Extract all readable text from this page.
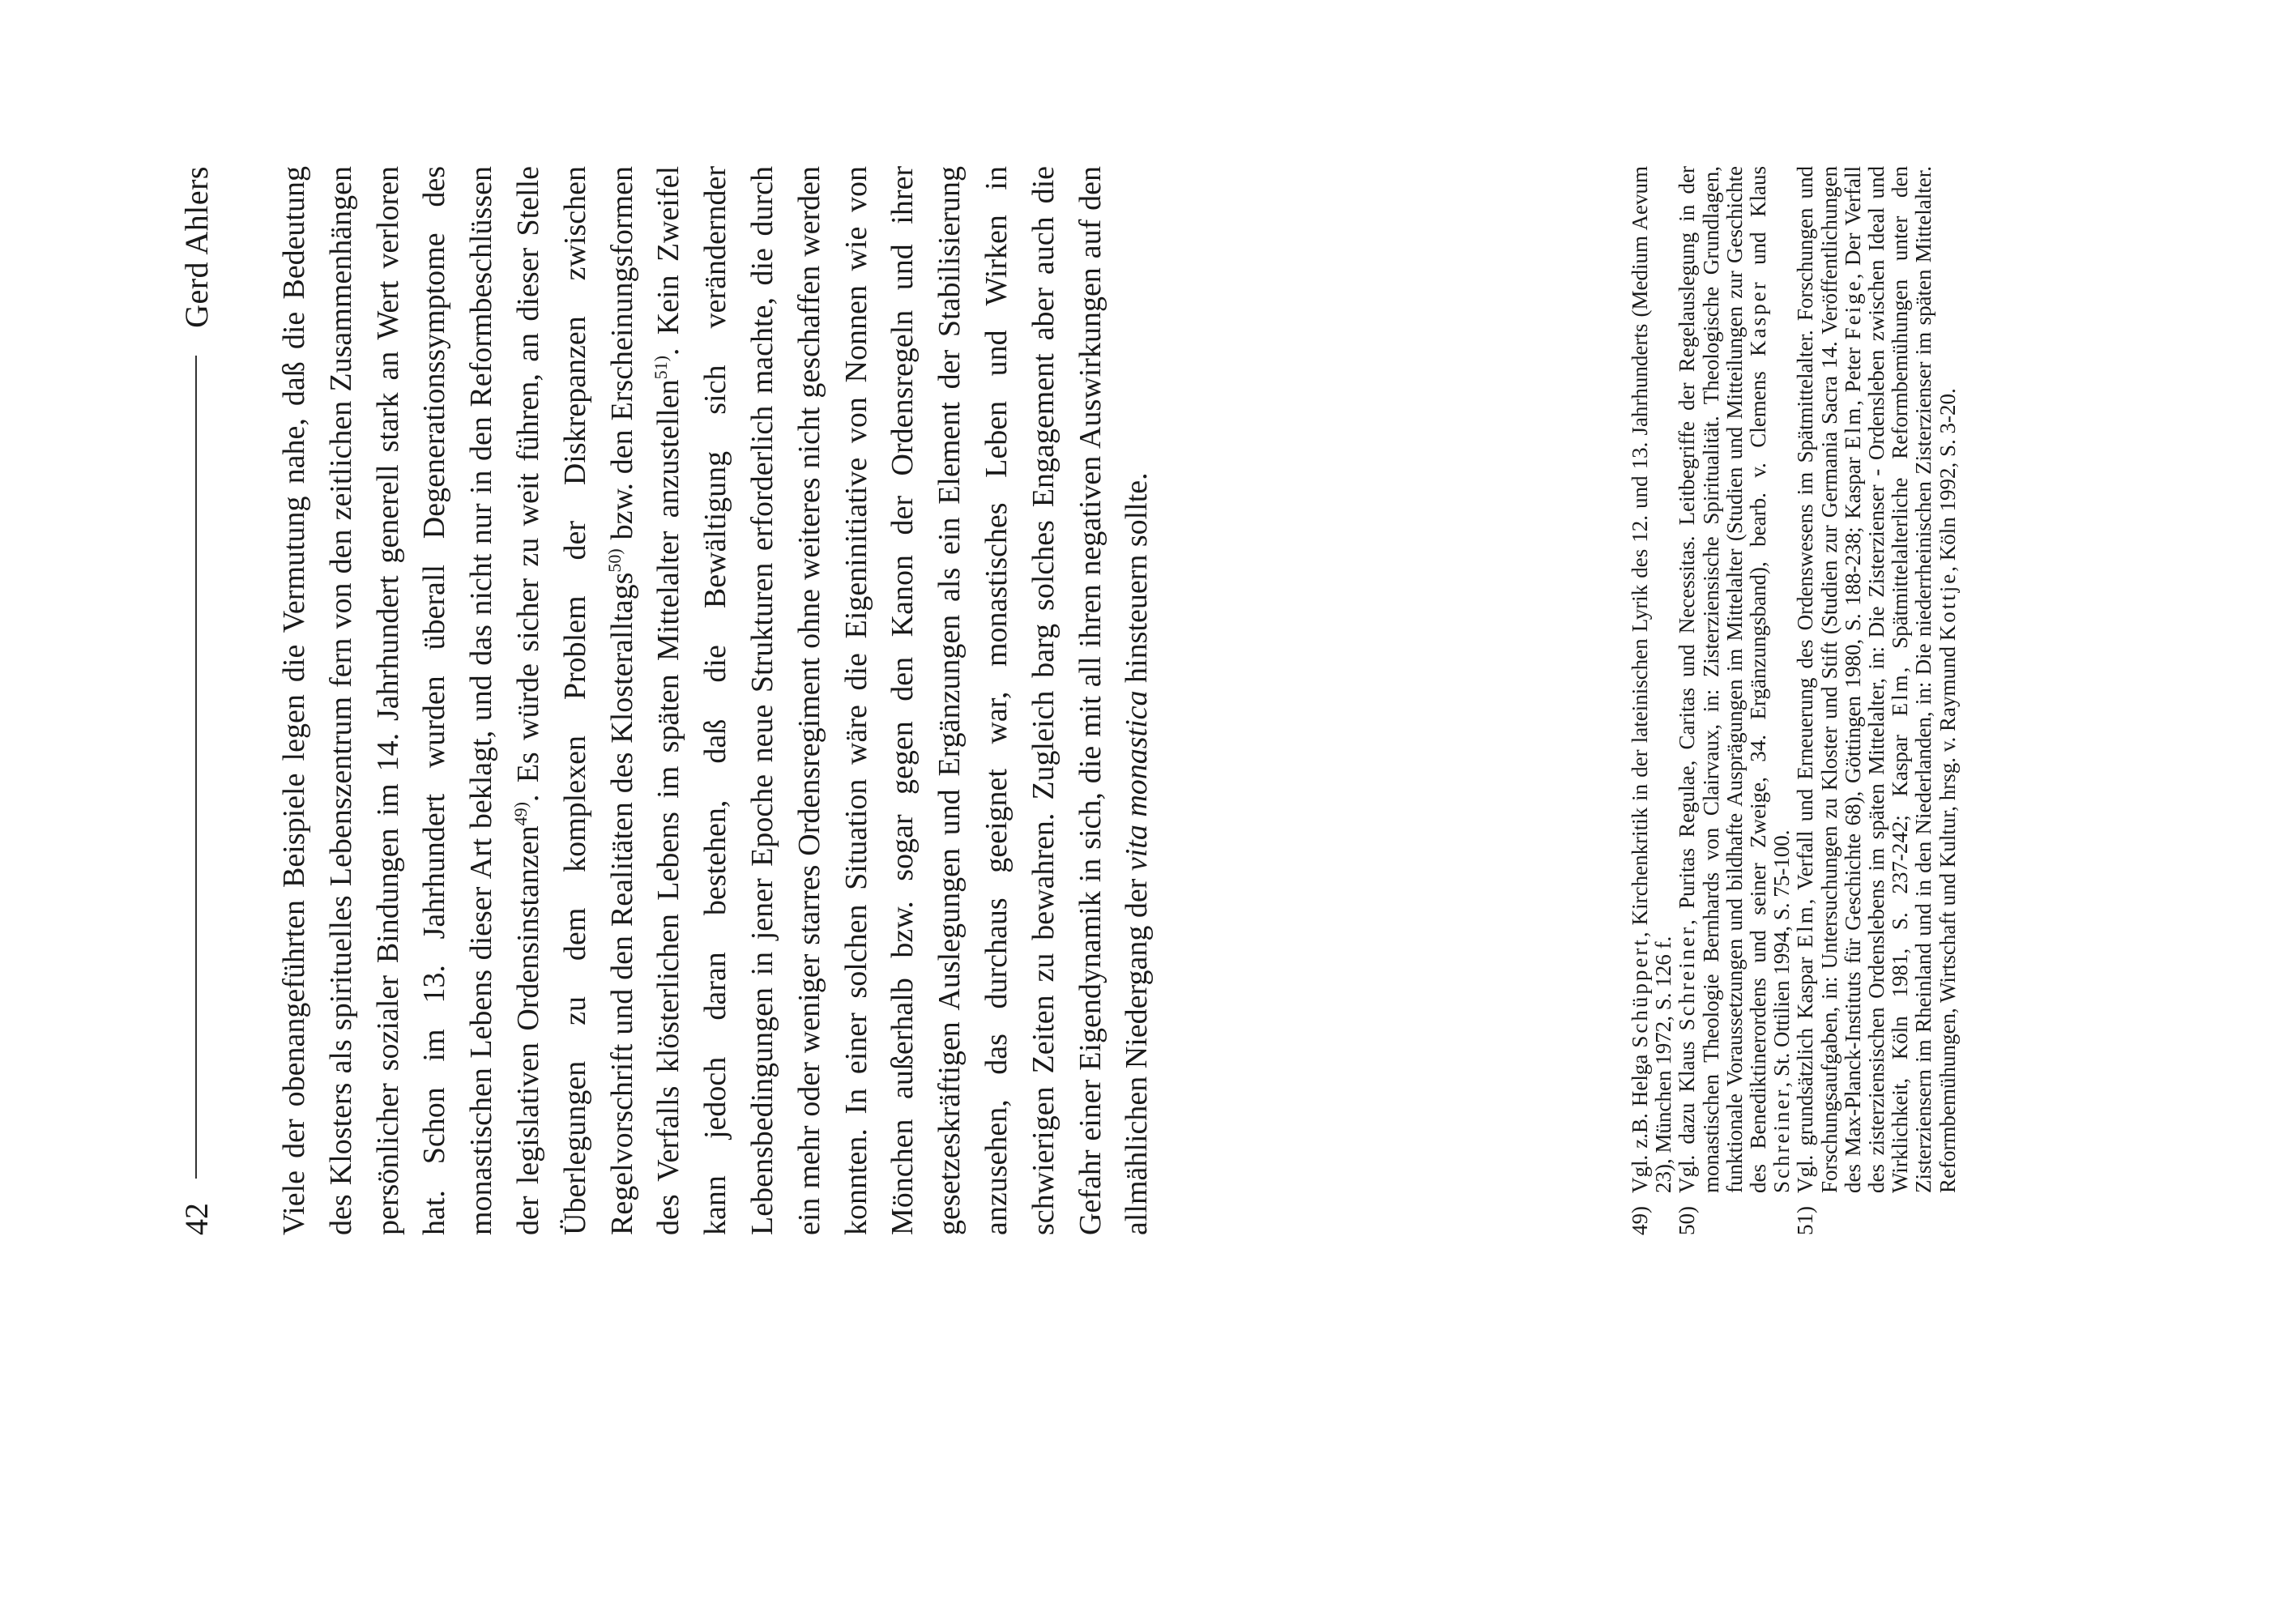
42
Gerd Ahlers Viele der obenangeführten Beispiele legen die Vermutung nahe, daß die Bedeutung des Klosters als spirituelles Lebenszentrum fern von den zeitlichen Zusammenhängen persönlicher sozialer Bindungen im 14. Jahrhundert generell stark an Wert verloren hat. Schon im 13. Jahrhundert wurden überall Degenerationssymptome des monastischen Lebens dieser Art beklagt, und das nicht nur in den Reformbeschlüssen der legislativen Ordensinstanzen$^{49)}$. Es würde sicher zu weit führen, an dieser Stelle Überlegungen zu dem komplexen Problem der Diskrepanzen zwischen Regelvorschrift und den Realitäten des Klosteralltags$^{50)}$ bzw. den Erscheinungsformen des Verfalls klösterlichen Lebens im späten Mittelalter anzustellen$^{51)}$. Kein Zweifel kann jedoch daran bestehen, daß die Bewältigung sich verändernder Lebensbedingungen in jener Epoche neue Strukturen erforderlich machte, die durch ein mehr oder weniger starres Ordensregiment ohne weiteres nicht geschaffen werden konnten. In einer solchen Situation wäre die Eigeninitiative von Nonnen wie von Mönchen außerhalb bzw. sogar gegen den Kanon der Ordensregeln und ihrer gesetzeskräftigen Auslegungen und Ergänzungen als ein Element der Stabilisierung anzusehen, das durchaus geeignet war, monastisches Leben und Wirken in schwierigen Zeiten zu bewahren. Zugleich barg solches Engagement aber auch die Gefahr einer Eigendynamik in sich, die mit all ihren negativen Auswirkungen auf den allmählichen Niedergang der vita monastica hinsteuern sollte.

49)
Vgl. z.B. Helga Schüppert, Kirchenkritik in der lateinischen Lyrik des 12. und 13. Jahrhunderts (Medium Aevum 23), München 1972, S. 126 f.
50)
Vgl. dazu Klaus Schreiner, Puritas Regulae, Caritas und Necessitas. Leitbegriffe der Regelauslegung in der monastischen Theologie Bernhards von Clairvaux, in: Zisterziensische Spiritualität. Theologische Grundlagen, funktionale Voraussetzungen und bildhafte Ausprägungen im Mittelalter (Studien und Mitteilungen zur Geschichte des Benediktinerordens und seiner Zweige, 34. Ergänzungsband), bearb. v. Clemens Kasper und Klaus Schreiner, St. Ottilien 1994, S. 75-100.
51)
Vgl. grundsätzlich Kaspar Elm, Verfall und Erneuerung des Ordenswesens im Spätmittelalter. Forschungen und Forschungsaufgaben, in: Untersuchungen zu Kloster und Stift (Studien zur Germania Sacra 14. Veröffentlichungen des Max-Planck-Instituts für Geschichte 68), Göttingen 1980, S. 188-238; Kaspar Elm, Peter Feige, Der Verfall des zisterziensischen Ordenslebens im späten Mittelalter, in: Die Zisterzienser - Ordensleben zwischen Ideal und Wirklichkeit, Köln 1981, S. 237-242; Kaspar Elm, Spätmittelalterliche Reformbemühungen unter den Zisterziensern im Rheinland und in den Niederlanden, in: Die niederrheinischen Zisterzienser im späten Mittelalter. Reformbemühungen, Wirtschaft und Kultur, hrsg. v. Raymund Kottje, Köln 1992, S. 3-20.
